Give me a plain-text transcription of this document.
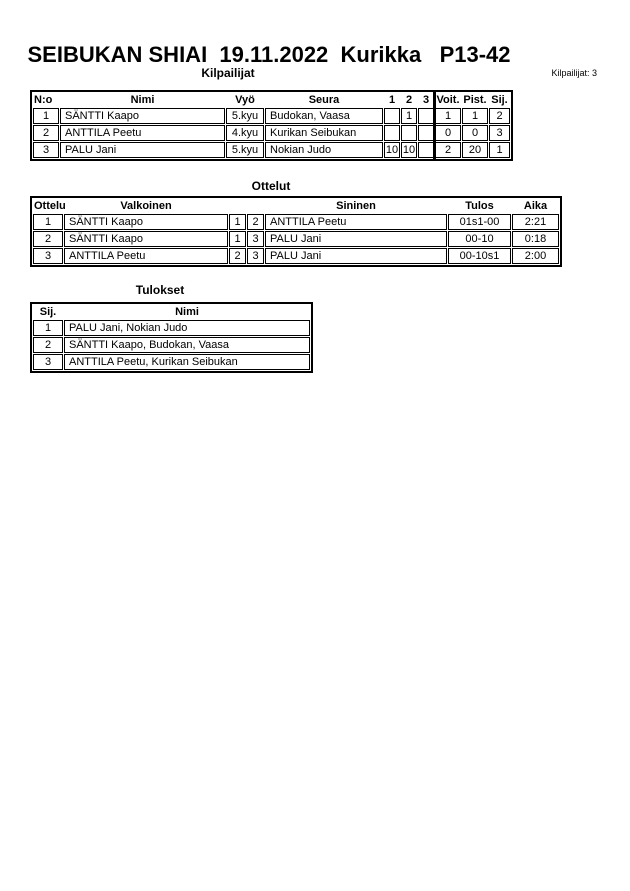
SEIBUKAN SHIAI  19.11.2022  Kurikka   P13-42
Kilpailijat	Kilpailijat: 3
N:o	Nimi	Vyö	Seura	1	2	3	Voit.	Pist.	Sij.
1	SÄNTTI Kaapo	5.kyu	Budokan, Vaasa		1		1	1	2
2	ANTTILA Peetu	4.kyu	Kurikan Seibukan				0	0	3
3	PALU Jani	5.kyu	Nokian Judo	10	10		2	20	1
Ottelut
Ottelu	Valkoinen			Sininen	Tulos	Aika
1	SÄNTTI Kaapo	1	2	ANTTILA Peetu	01s1-00	2:21
2	SÄNTTI Kaapo	1	3	PALU Jani	00-10	0:18
3	ANTTILA Peetu	2	3	PALU Jani	00-10s1	2:00
Tulokset
Sij.	Nimi
1	PALU Jani, Nokian Judo
2	SÄNTTI Kaapo, Budokan, Vaasa
3	ANTTILA Peetu, Kurikan Seibukan
